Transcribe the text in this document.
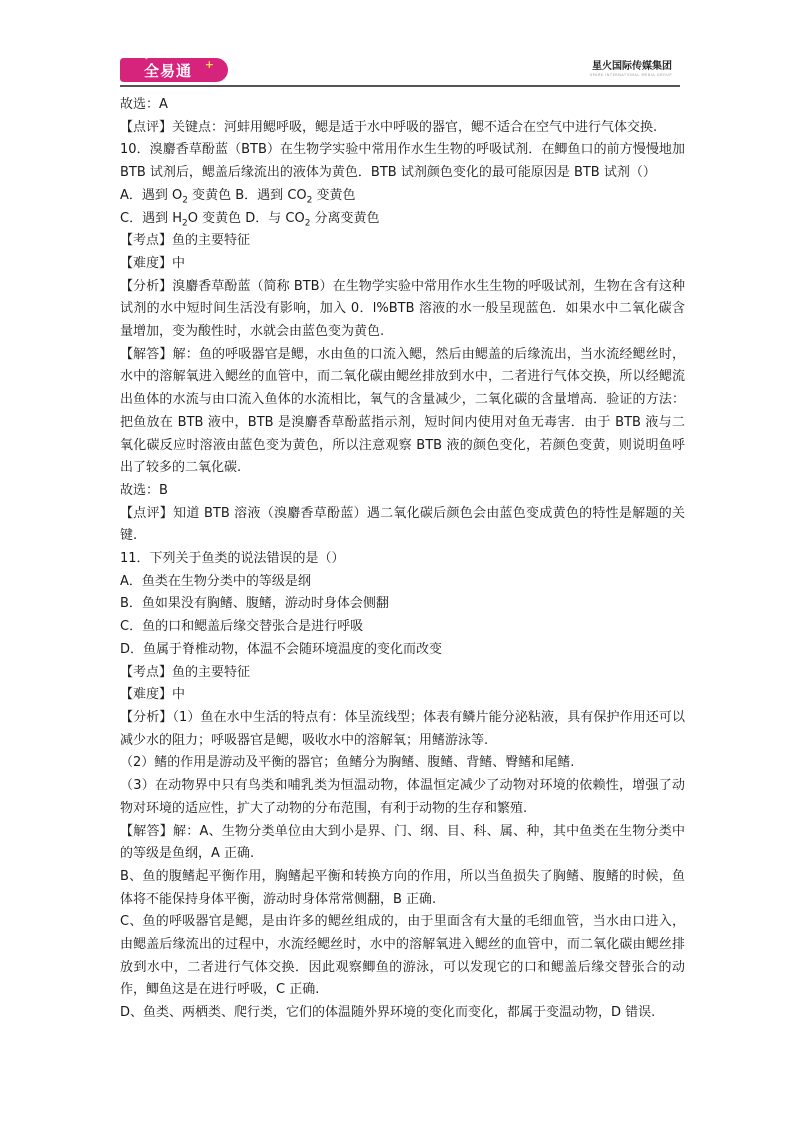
全易通 +	星火国际传媒集团
SPARK INTERNATIONAL MEDIA GROUP

故选：A

【点评】关键点：河蚌用鳃呼吸，鳃是适于水中呼吸的器官，鳃不适合在空气中进行气体交换.

10．溴麝香草酚蓝（BTB）在生物学实验中常用作水生生物的呼吸试剂．在鲫鱼口的前方慢慢地加 BTB 试剂后，鳃盖后缘流出的液体为黄色．BTB 试剂颜色变化的最可能原因是 BTB 试剂（）

A．遇到 $O_2$ 变黄色 B．遇到 $CO_2$ 变黄色

C．遇到 $H_2O$ 变黄色 D．与 $CO_2$ 分离变黄色

【考点】鱼的主要特征

【难度】中

【分析】溴麝香草酚蓝（简称 BTB）在生物学实验中常用作水生生物的呼吸试剂，生物在含有这种试剂的水中短时间生活没有影响，加入 0．l%BTB 溶液的水一般呈现蓝色．如果水中二氧化碳含量增加，变为酸性时，水就会由蓝色变为黄色.

【解答】解：鱼的呼吸器官是鳃，水由鱼的口流入鳃，然后由鳃盖的后缘流出，当水流经鳃丝时，水中的溶解氧进入鳃丝的血管中，而二氧化碳由鳃丝排放到水中，二者进行气体交换，所以经鳃流出鱼体的水流与由口流入鱼体的水流相比，氧气的含量减少，二氧化碳的含量增高．验证的方法：把鱼放在 BTB 液中，BTB 是溴麝香草酚蓝指示剂，短时间内使用对鱼无毒害．由于 BTB 液与二氧化碳反应时溶液由蓝色变为黄色，所以注意观察 BTB 液的颜色变化，若颜色变黄，则说明鱼呼出了较多的二氧化碳.

故选：B

【点评】知道 BTB 溶液（溴麝香草酚蓝）遇二氧化碳后颜色会由蓝色变成黄色的特性是解题的关键.

11．下列关于鱼类的说法错误的是（）

A．鱼类在生物分类中的等级是纲

B．鱼如果没有胸鳍、腹鳍，游动时身体会侧翻

C．鱼的口和鳃盖后缘交替张合是进行呼吸

D．鱼属于脊椎动物，体温不会随环境温度的变化而改变

【考点】鱼的主要特征

【难度】中

【分析】（1）鱼在水中生活的特点有：体呈流线型；体表有鳞片能分泌粘液，具有保护作用还可以减少水的阻力；呼吸器官是鳃，吸收水中的溶解氧；用鳍游泳等.

（2）鳍的作用是游动及平衡的器官；鱼鳍分为胸鳍、腹鳍、背鳍、臀鳍和尾鳍.

（3）在动物界中只有鸟类和哺乳类为恒温动物，体温恒定减少了动物对环境的依赖性，增强了动物对环境的适应性，扩大了动物的分布范围，有利于动物的生存和繁殖.

【解答】解：A、生物分类单位由大到小是界、门、纲、目、科、属、种，其中鱼类在生物分类中的等级是鱼纲，A 正确.

B、鱼的腹鳍起平衡作用，胸鳍起平衡和转换方向的作用，所以当鱼损失了胸鳍、腹鳍的时候，鱼体将不能保持身体平衡，游动时身体常常侧翻，B 正确.

C、鱼的呼吸器官是鳃，是由许多的鳃丝组成的，由于里面含有大量的毛细血管，当水由口进入，由鳃盖后缘流出的过程中，水流经鳃丝时，水中的溶解氧进入鳃丝的血管中，而二氧化碳由鳃丝排放到水中，二者进行气体交换．因此观察鲫鱼的游泳，可以发现它的口和鳃盖后缘交替张合的动作，鲫鱼这是在进行呼吸，C 正确.

D、鱼类、两栖类、爬行类，它们的体温随外界环境的变化而变化，都属于变温动物，D 错误.
